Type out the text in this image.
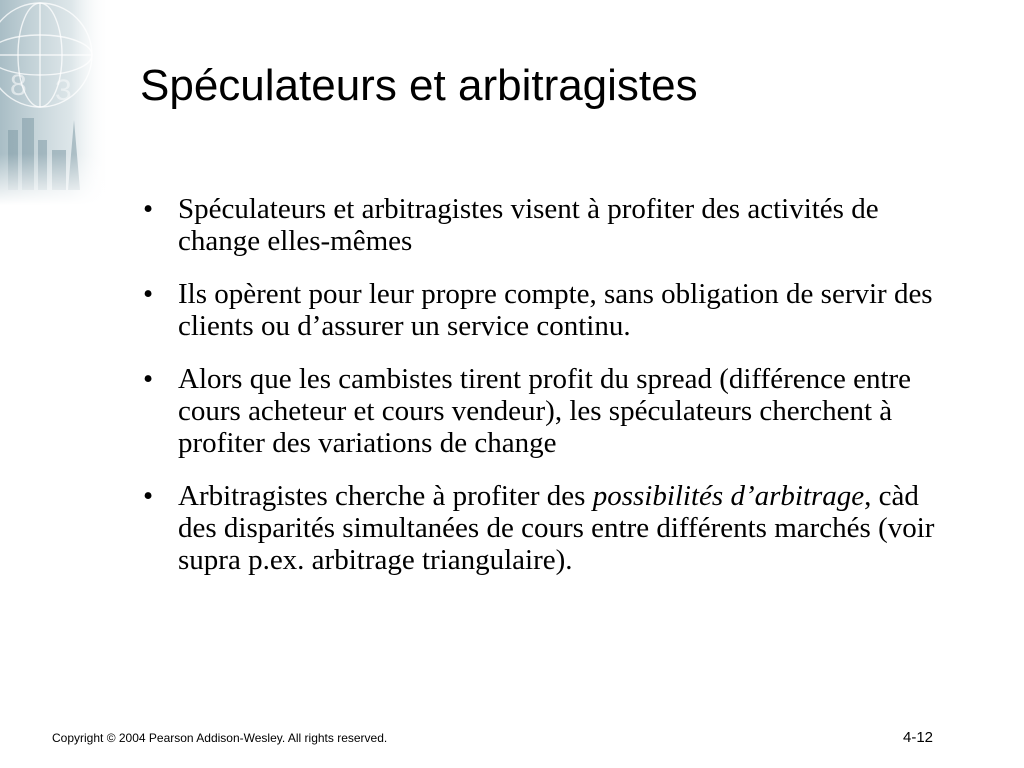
Spéculateurs et arbitragistes
• Spéculateurs et arbitragistes visent à profiter des activités de change elles-mêmes
• Ils opèrent pour leur propre compte, sans obligation de servir des clients ou d’assurer un service continu.
• Alors que les cambistes tirent profit du spread (différence entre cours acheteur et cours vendeur), les spéculateurs cherchent à profiter des variations de change
• Arbitragistes cherche à profiter des possibilités d’arbitrage, càd des disparités simultanées de cours entre différents marchés (voir supra p.ex. arbitrage triangulaire).
Copyright © 2004 Pearson Addison-Wesley. All rights reserved.	4-12
